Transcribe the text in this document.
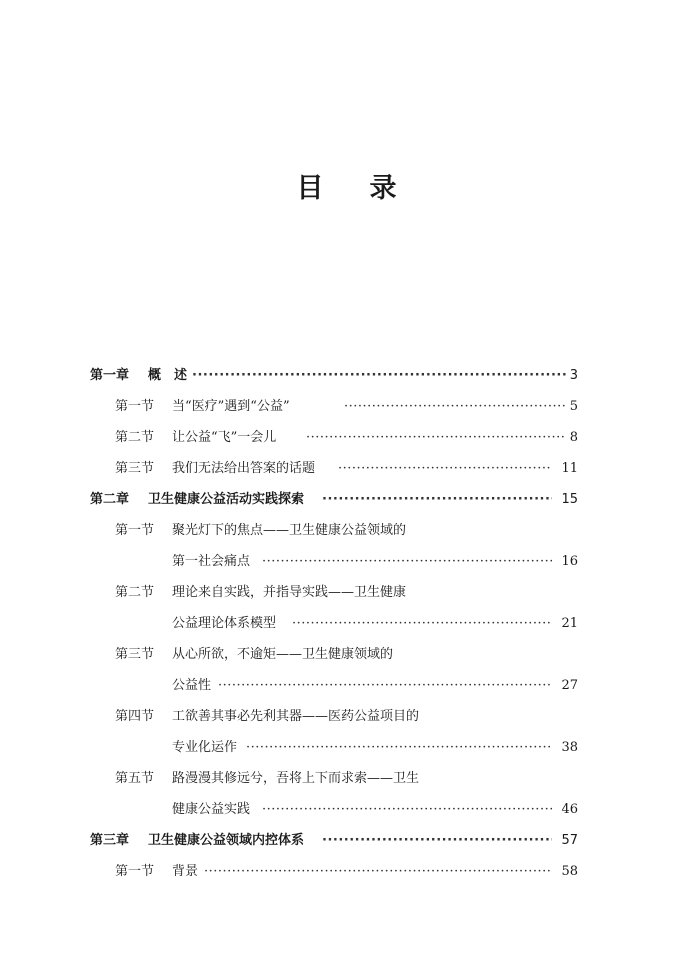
目 录
第一章 概　述 ·····	3
第一节 当“医疗”遇到“公益” ·····	5
第二节 让公益“飞”一会儿 ·····	8
第三节 我们无法给出答案的话题 ·····	11
第二章 卫生健康公益活动实践探索 ·····	15
第一节 聚光灯下的焦点——卫生健康公益领域的
第一社会痛点 ·····	16
第二节 理论来自实践，并指导实践——卫生健康
公益理论体系模型 ·····	21
第三节 从心所欲，不逾矩——卫生健康领域的
公益性 ·····	27
第四节 工欲善其事必先利其器——医药公益项目的
专业化运作 ·····	38
第五节 路漫漫其修远兮，吾将上下而求索——卫生
健康公益实践 ·····	46
第三章 卫生健康公益领域内控体系 ·····	57
第一节 背景 ·····	58
